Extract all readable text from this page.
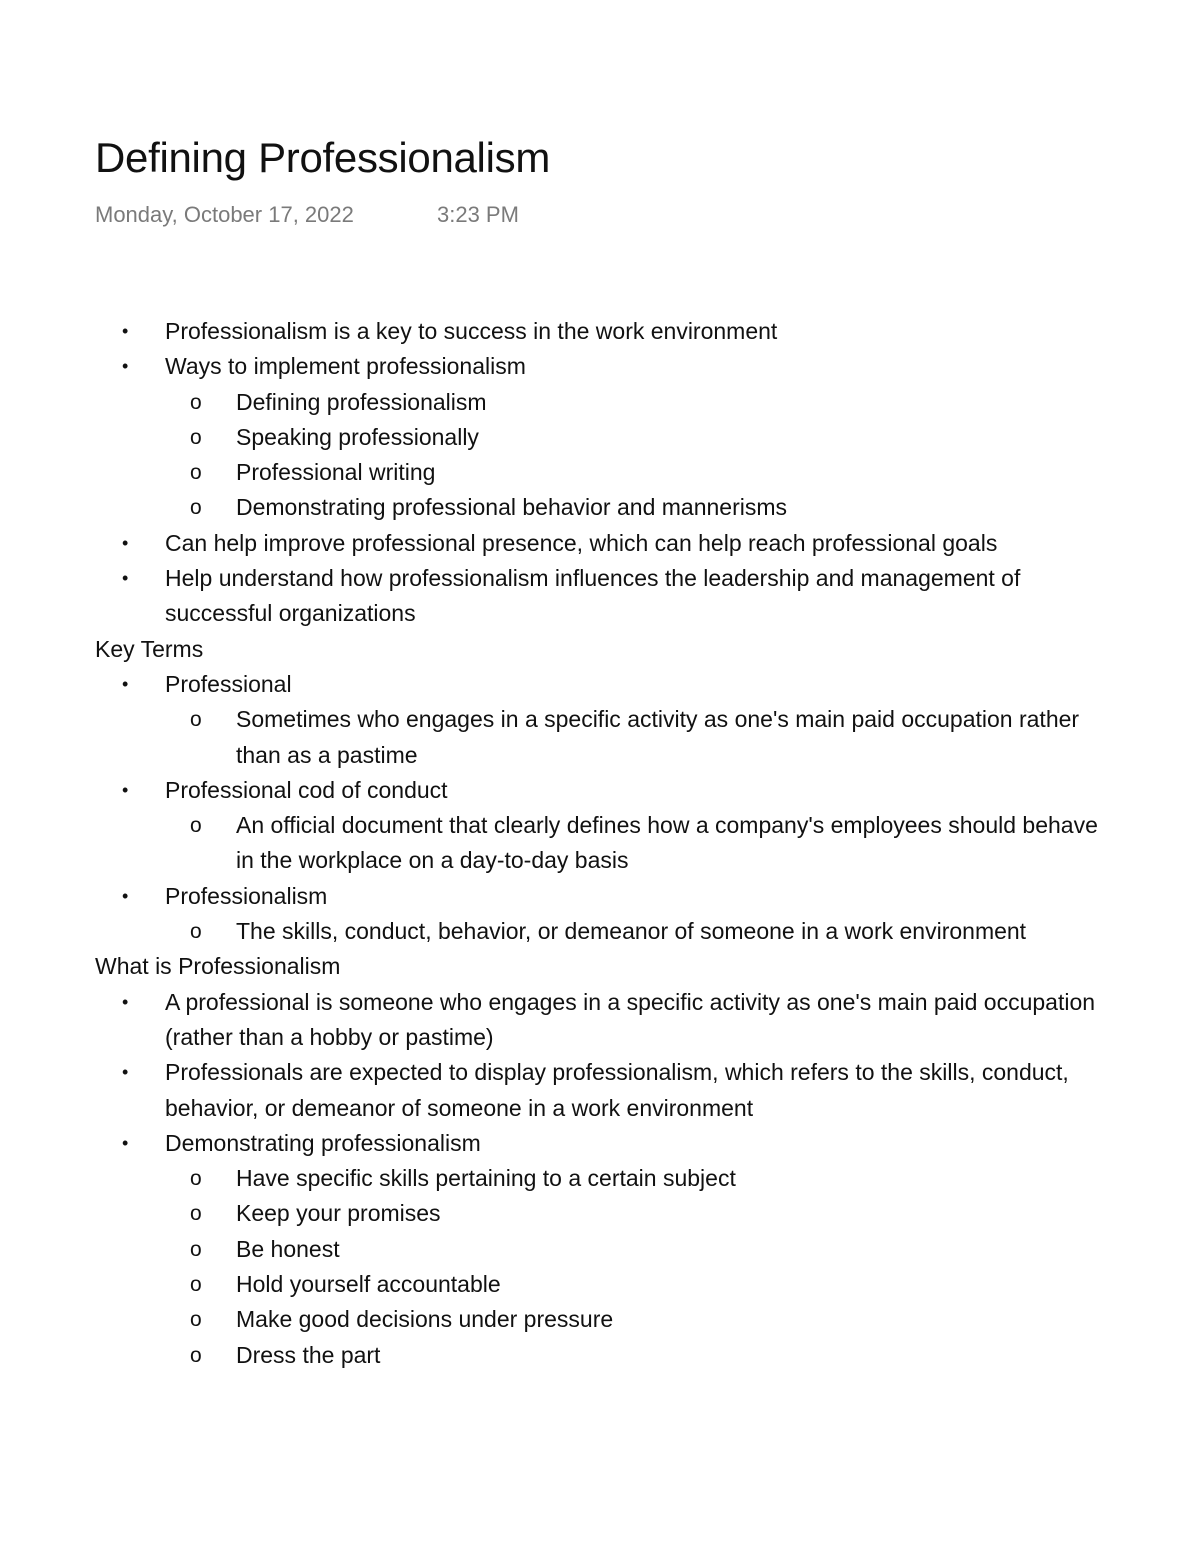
Defining Professionalism
Monday, October 17, 2022	3:23 PM
• Professionalism is a key to success in the work environment
• Ways to implement professionalism
o Defining professionalism
o Speaking professionally
o Professional writing
o Demonstrating professional behavior and mannerisms
• Can help improve professional presence, which can help reach professional goals
• Help understand how professionalism influences the leadership and management of successful organizations
Key Terms
• Professional
o Sometimes who engages in a specific activity as one's main paid occupation rather than as a pastime
• Professional cod of conduct
o An official document that clearly defines how a company's employees should behave in the workplace on a day-to-day basis
• Professionalism
o The skills, conduct, behavior, or demeanor of someone in a work environment
What is Professionalism
• A professional is someone who engages in a specific activity as one's main paid occupation (rather than a hobby or pastime)
• Professionals are expected to display professionalism, which refers to the skills, conduct, behavior, or demeanor of someone in a work environment
• Demonstrating professionalism
o Have specific skills pertaining to a certain subject
o Keep your promises
o Be honest
o Hold yourself accountable
o Make good decisions under pressure
o Dress the part
